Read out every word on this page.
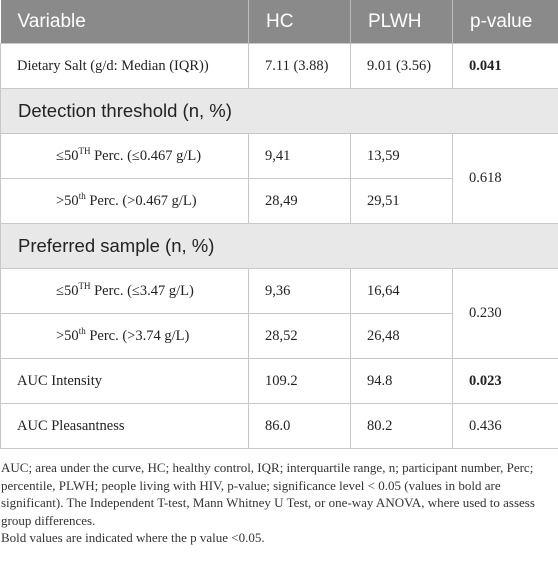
Variable	HC	PLWH	p-value
Dietary Salt (g/d: Median (IQR))	7.11 (3.88)	9.01 (3.56)	0.041
Detection threshold (n, %)			
≤50TH Perc. (≤0.467 g/L)	9,41	13,59	0.618
>50th Perc. (>0.467 g/L)	28,49	29,51	
Preferred sample (n, %)			
≤50TH Perc. (≤3.47 g/L)	9,36	16,64	0.230
>50th Perc. (>3.74 g/L)	28,52	26,48	
AUC Intensity	109.2	94.8	0.023
AUC Pleasantness	86.0	80.2	0.436

AUC; area under the curve, HC; healthy control, IQR; interquartile range, n; participant number, Perc; percentile, PLWH; people living with HIV, p-value; significance level < 0.05 (values in bold are significant). The Independent T-test, Mann Whitney U Test, or one-way ANOVA, where used to assess group differences.

Bold values are indicated where the p value <0.05.
